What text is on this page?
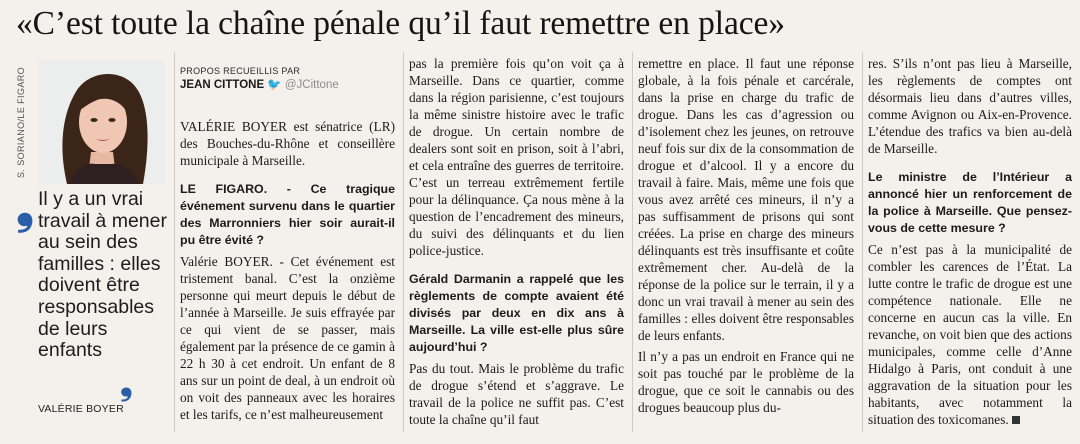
«C’est toute la chaîne pénale qu’il faut remettre en place»
S. SORIANO/LE FIGARO
❟ Il y a un vrai travail à mener au sein des familles : elles doivent être responsables de leurs enfants
❟
VALÉRIE BOYER
PROPOS RECUEILLIS PAR
JEAN CITTONE 🐦 @JCittone

VALÉRIE BOYER est sénatrice (LR) des Bouches-du-Rhône et conseillère municipale à Marseille.

LE FIGARO. - Ce tragique événement survenu dans le quartier des Marronniers hier soir aurait-il pu être évité ?

Valérie BOYER. - Cet événement est tristement banal. C’est la onzième personne qui meurt depuis le début de l’année à Marseille. Je suis effrayée par ce qui vient de se passer, mais également par la présence de ce gamin à 22 h 30 à cet endroit. Un enfant de 8 ans sur un point de deal, à un endroit où on voit des panneaux avec les horaires et les tarifs, ce n’est malheureusement

pas la première fois qu’on voit ça à Marseille. Dans ce quartier, comme dans la région parisienne, c’est toujours la même sinistre histoire avec le trafic de drogue. Un certain nombre de dealers sont soit en prison, soit à l’abri, et cela entraîne des guerres de territoire. C’est un terreau extrêmement fertile pour la délinquance. Ça nous mène à la question de l’encadrement des mineurs, du suivi des délinquants et du lien police-justice.

Gérald Darmanin a rappelé que les règlements de compte avaient été divisés par deux en dix ans à Marseille. La ville est-elle plus sûre aujourd’hui ?

Pas du tout. Mais le problème du trafic de drogue s’étend et s’aggrave. Le travail de la police ne suffit pas. C’est toute la chaîne qu’il faut

remettre en place. Il faut une réponse globale, à la fois pénale et carcérale, dans la prise en charge du trafic de drogue. Dans les cas d’agression ou d’isolement chez les jeunes, on retrouve neuf fois sur dix de la consommation de drogue et d’alcool. Il y a encore du travail à faire. Mais, même une fois que vous avez arrêté ces mineurs, il n’y a pas suffisamment de prisons qui sont créées. La prise en charge des mineurs délinquants est très insuffisante et coûte extrêmement cher. Au-delà de la réponse de la police sur le terrain, il y a donc un vrai travail à mener au sein des familles : elles doivent être responsables de leurs enfants.

Il n’y a pas un endroit en France qui ne soit pas touché par le problème de la drogue, que ce soit le cannabis ou des drogues beaucoup plus du-

res. S’ils n’ont pas lieu à Marseille, les règlements de comptes ont désormais lieu dans d’autres villes, comme Avignon ou Aix-en-Provence. L’étendue des trafics va bien au-delà de Marseille.

Le ministre de l’Intérieur a annoncé hier un renforcement de la police à Marseille. Que pensez-vous de cette mesure ?

Ce n’est pas à la municipalité de combler les carences de l’État. La lutte contre le trafic de drogue est une compétence nationale. Elle ne concerne en aucun cas la ville. En revanche, on voit bien que des actions municipales, comme celle d’Anne Hidalgo à Paris, ont conduit à une aggravation de la situation pour les habitants, avec notamment la situation des toxicomanes.
